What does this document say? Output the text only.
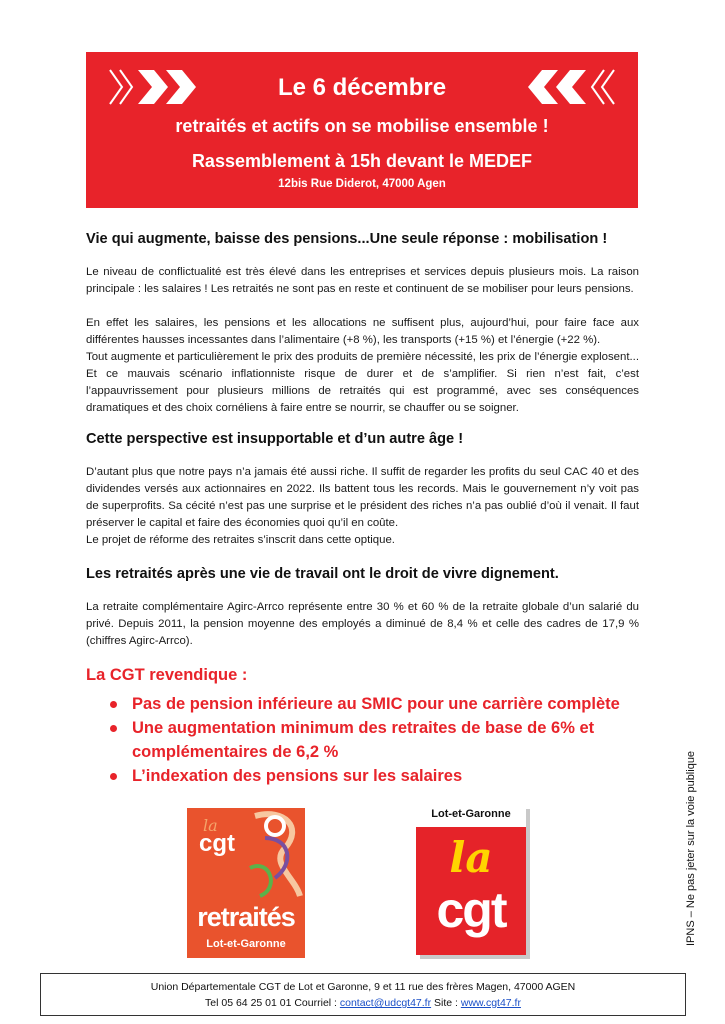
Le 6 décembre
retraités et actifs on se mobilise ensemble !
Rassemblement à 15h devant le MEDEF
12bis Rue Diderot, 47000 Agen
Vie qui augmente, baisse des pensions...Une seule réponse : mobilisation !

Le niveau de conflictualité est très élevé dans les entreprises et services depuis plusieurs mois. La raison principale : les salaires ! Les retraités ne sont pas en reste et continuent de se mobiliser pour leurs pensions.

En effet les salaires, les pensions et les allocations ne suffisent plus, aujourd’hui, pour faire face aux différentes hausses incessantes dans l’alimentaire (+8 %), les transports (+15 %) et l’énergie (+22 %).

Tout augmente et particulièrement le prix des produits de première nécessité, les prix de l’énergie explosent... Et ce mauvais scénario inflationniste risque de durer et de s’amplifier. Si rien n’est fait, c’est l’appauvrissement pour plusieurs millions de retraités qui est programmé, avec ses conséquences dramatiques et des choix cornéliens à faire entre se nourrir, se chauffer ou se soigner.

Cette perspective est insupportable et d’un autre âge !

D’autant plus que notre pays n’a jamais été aussi riche. Il suffit de regarder les profits du seul CAC 40 et des dividendes versés aux actionnaires en 2022. Ils battent tous les records. Mais le gouvernement n’y voit pas de superprofits. Sa cécité n’est pas une surprise et le président des riches n’a pas oublié d’où il venait. Il faut préserver le capital et faire des économies quoi qu’il en coûte.

Le projet de réforme des retraites s’inscrit dans cette optique.

Les retraités après une vie de travail ont le droit de vivre dignement.

La retraite complémentaire Agirc-Arrco représente entre 30 % et 60 % de la retraite globale d’un salarié du privé. Depuis 2011, la pension moyenne des employés a diminué de 8,4 % et celle des cadres de 17,9 % (chiffres Agirc-Arrco).

La CGT revendique :
Pas de pension inférieure au SMIC pour une carrière complète
Une augmentation minimum des retraites de base de 6% et complémentaires de 6,2 %
L’indexation des pensions sur les salaires
la
cgt
retraités
Lot-et-Garonne
Lot-et-Garonne
la
cgt	IPNS – Ne pas jeter sur la voie publique
Union Départementale CGT de Lot et Garonne, 9 et 11 rue des frères Magen, 47000 AGEN
Tel 05 64 25 01 01 Courriel : contact@udcgt47.fr Site : www.cgt47.fr
